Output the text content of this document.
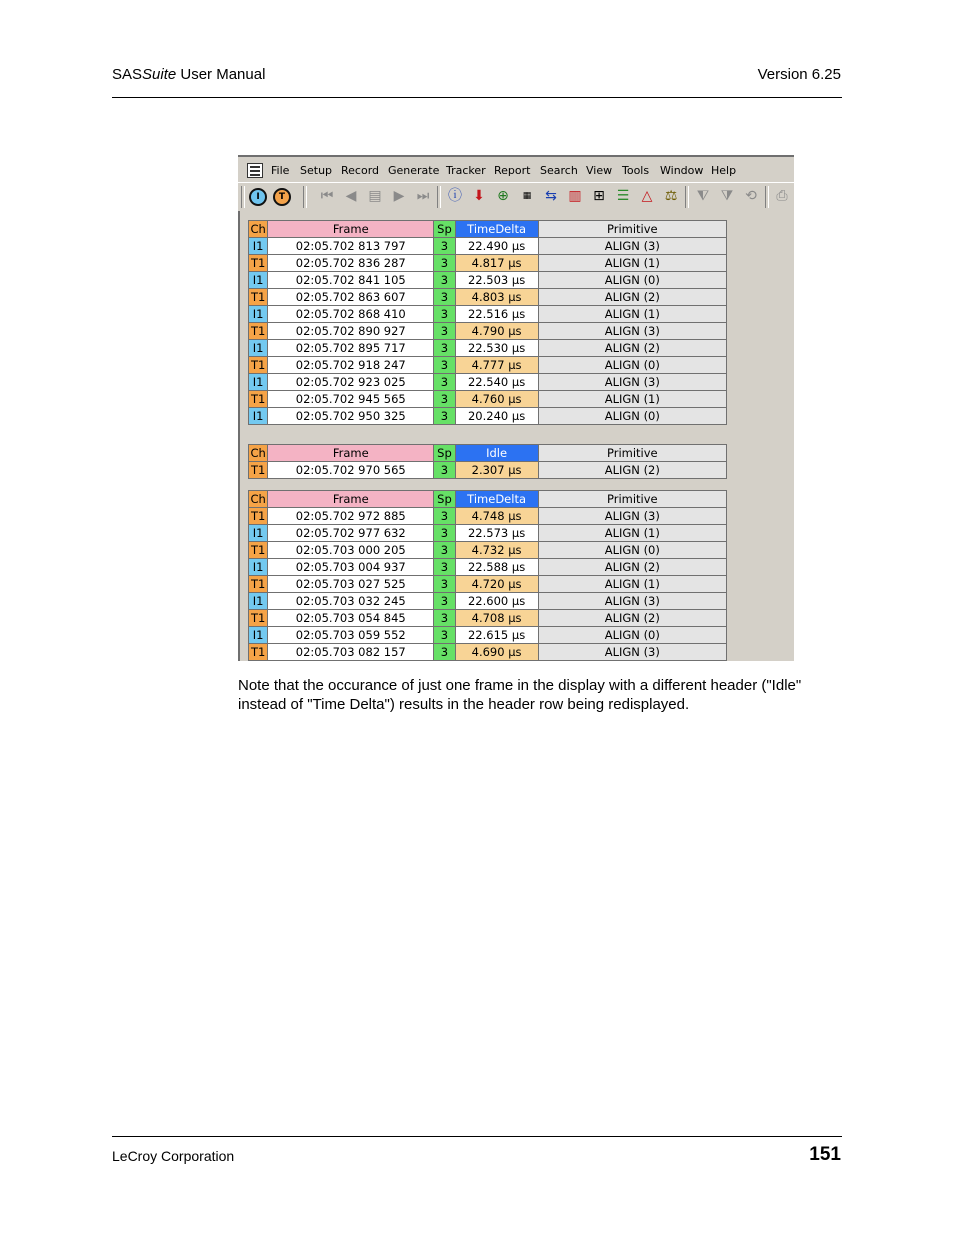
SASSuite User Manual	Version 6.25
File Setup Record Generate Tracker Report Search View Tools Window Help
I	T	⏮ ◀ ▤ ▶ ⏭ ⓘ ⬇ ⊕	▦ ⇆ ▥ ⊞ ☰ △ ⚖ ⧨ ⧩ ⟲ ⎙
Ch	Frame	Sp	TimeDelta	Primitive
I1	02:05.702 813 797	3	22.490 µs	ALIGN (3)
T1	02:05.702 836 287	3	4.817 µs	ALIGN (1)
I1	02:05.702 841 105	3	22.503 µs	ALIGN (0)
T1	02:05.702 863 607	3	4.803 µs	ALIGN (2)
I1	02:05.702 868 410	3	22.516 µs	ALIGN (1)
T1	02:05.702 890 927	3	4.790 µs	ALIGN (3)
I1	02:05.702 895 717	3	22.530 µs	ALIGN (2)
T1	02:05.702 918 247	3	4.777 µs	ALIGN (0)
I1	02:05.702 923 025	3	22.540 µs	ALIGN (3)
T1	02:05.702 945 565	3	4.760 µs	ALIGN (1)
I1	02:05.702 950 325	3	20.240 µs	ALIGN (0)
Ch	Frame	Sp	Idle	Primitive
T1	02:05.702 970 565	3	2.307 µs	ALIGN (2)
Ch	Frame	Sp	TimeDelta	Primitive
T1	02:05.702 972 885	3	4.748 µs	ALIGN (3)
I1	02:05.702 977 632	3	22.573 µs	ALIGN (1)
T1	02:05.703 000 205	3	4.732 µs	ALIGN (0)
I1	02:05.703 004 937	3	22.588 µs	ALIGN (2)
T1	02:05.703 027 525	3	4.720 µs	ALIGN (1)
I1	02:05.703 032 245	3	22.600 µs	ALIGN (3)
T1	02:05.703 054 845	3	4.708 µs	ALIGN (2)
I1	02:05.703 059 552	3	22.615 µs	ALIGN (0)
T1	02:05.703 082 157	3	4.690 µs	ALIGN (3)
Note that the occurance of just one frame in the display with a different header ("Idle" instead of "Time Delta") results in the header row being redisplayed.
LeCroy Corporation	151
